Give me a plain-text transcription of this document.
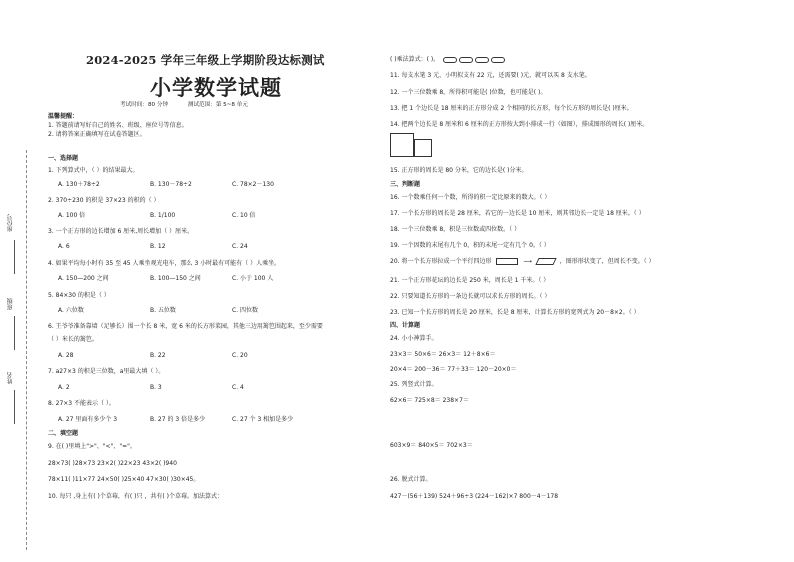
座位号
班级
姓名
2024-2025 学年三年级上学期阶段达标测试
小学数学试题
考试时间：80 分钟	测试范围：第 5~8 单元
温馨提醒：
1. 答题前请写好自己的姓名、班级、座位号等信息。
2. 请将答案正确填写在试卷答题区。
一、选择题
1. 下列算式中，（ ）的结果最大。
A. 130＋78÷2	B. 130－78÷2	C. 78×2－130
2. 370÷230 的积是 37×23 的积的（ ）
A. 100 倍	B. 1/100	C. 10 倍
3. 一个正方形的边长增加 6 厘米,周长增加（ ）厘米。
A. 6	B. 12	C. 24
4. 如果平均每小时有 35 至 45 人乘坐观光电车，那么 3 小时最有可能有（ ）人乘坐。
A. 150—200 之间	B. 100—150 之间	C. 小于 100 人
5. 84×30 的积是（ ）
A. 六位数	B. 五位数	C. 四位数
6. 王爷爷准备靠墙（足够长）围一个长 8 米，宽 6 米的长方形菜园，其他三边用篱笆围起来，至少需要
（ ）米长的篱笆。
A. 28	B. 22	C. 20
7. a27×3 的积是三位数，a里最大填（ ）。
A. 2	B. 3	C. 4
8. 27×3 不能表示（ ）。
A. 27 里面有多少个 3	B. 27 的 3 倍是多少	C. 27 个 3 相加是多少
二、填空题
9. 在( )里填上">"、"<"、"="。
28×73( )28×73 23×2( )22×23 43×2( )940
78×11( )11×77 24×50( )25×40 47×30( )30×45。
10. 每只 ,身上有( )个草莓，有( )只 ，共有( )个草莓。加法算式：
( )乘法算式：( )。
11. 每支水笔 3 元，小明拟支有 22 元，还需要( )元，就可以买 8 支水笔。
12. 一个三位数乘 8，所得积可能是( )位数，也可能是( )。
13. 把 1 个边长是 18 厘米的正方形分成 2 个相同的长方形，每个长方形的周长是( )厘米。
14. 把两个边长是 8 厘米和 6 厘米的正方形按大到小排成一行（如图），排成图形的周长( )厘米。
15. 正方形的周长是 80 分米，它的边长是( )分米。
三、判断题
16. 一个数乘任何一个数，所得的积一定比原来的数大。（ ）
17. 一个长方形的周长是 28 厘米，若它的一边长是 10 厘米，则其邻边长一定是 18 厘米。（ ）
18. 一个三位数乘 8，积是三位数或四位数。（ ）
19. 一个因数的末尾有几个 0，积的末尾一定有几个 0。（ ）
20. 将一个长方形拉成一个平行四边形	⟶	，图形形状变了，但周长不变。（ ）
21. 一个正方形花坛的边长是 250 米，周长是 1 千米。（ ）
22. 只要知道长方形的一条边长就可以求长方形的周长。（ ）
23. 已知一个长方形的周长是 20 厘米，长是 8 厘米，计算长方形的宽列式为 20－8×2。（ ）
四、计算题
24. 小小神算手。
23×3＝ 50×6＝ 26×3＝ 12＋8×6＝
20×4＝ 200－36＝ 77＋33＝ 120－20×0＝
25. 列竖式计算。
62×6＝ 725×8＝ 238×7＝
603×9＝ 840×5＝ 702×3＝
26. 脱式计算。
427－(56＋139) 524＋96÷3 (224－162)×7 800－4－178
